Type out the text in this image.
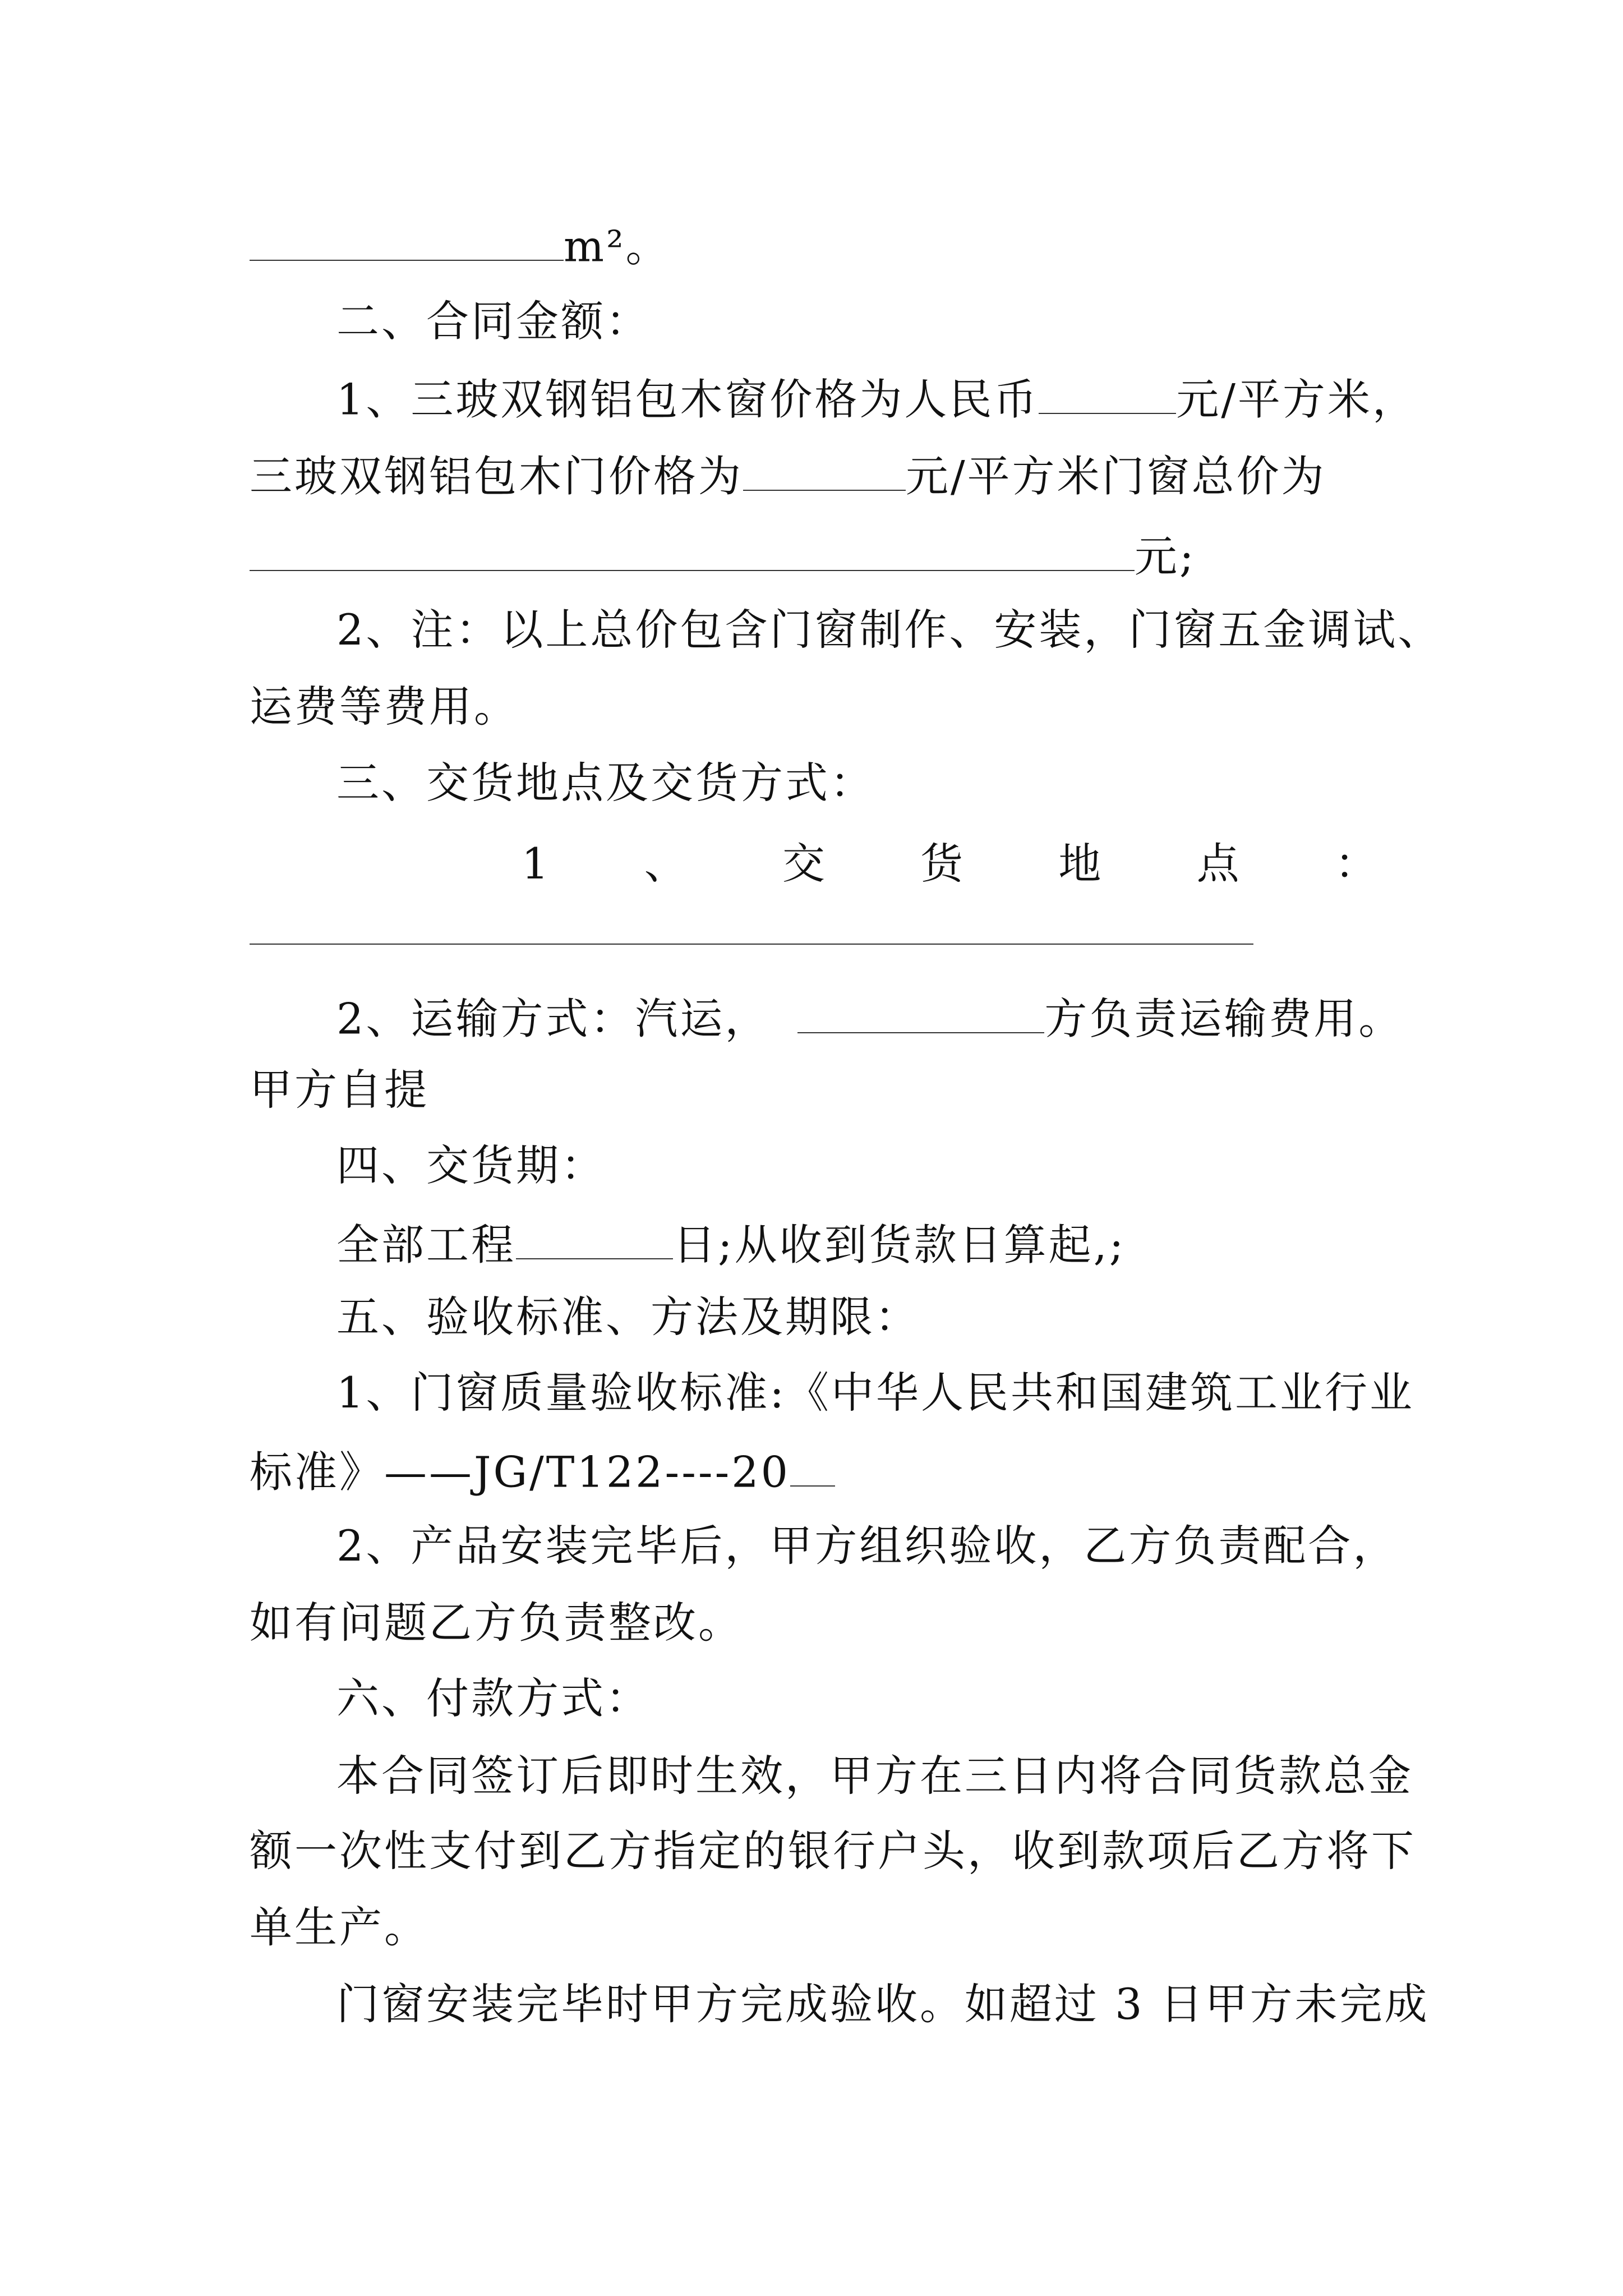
m²。
二、合同金额：
1、三玻双钢铝包木窗价格为人民币	元/平方米，
三玻双钢铝包木门价格为	元/平方米门窗总价为
元;
2、注：以上总价包含门窗制作、安装，门窗五金调试、
运费等费用。
三、交货地点及交货方式：
1 、 交 货 地 点 ：
2、运输方式：汽运，	方负责运输费用。
甲方自提
四、交货期：
全部工程	日;从收到货款日算起,;
五、验收标准、方法及期限：
1、门窗质量验收标准:《中华人民共和国建筑工业行业
标准》——JG/T122----20
2、产品安装完毕后，甲方组织验收，乙方负责配合，
如有问题乙方负责整改。
六、付款方式：
本合同签订后即时生效，甲方在三日内将合同货款总金
额一次性支付到乙方指定的银行户头，收到款项后乙方将下
单生产。
门窗安装完毕时甲方完成验收。如超过 3 日甲方未完成
